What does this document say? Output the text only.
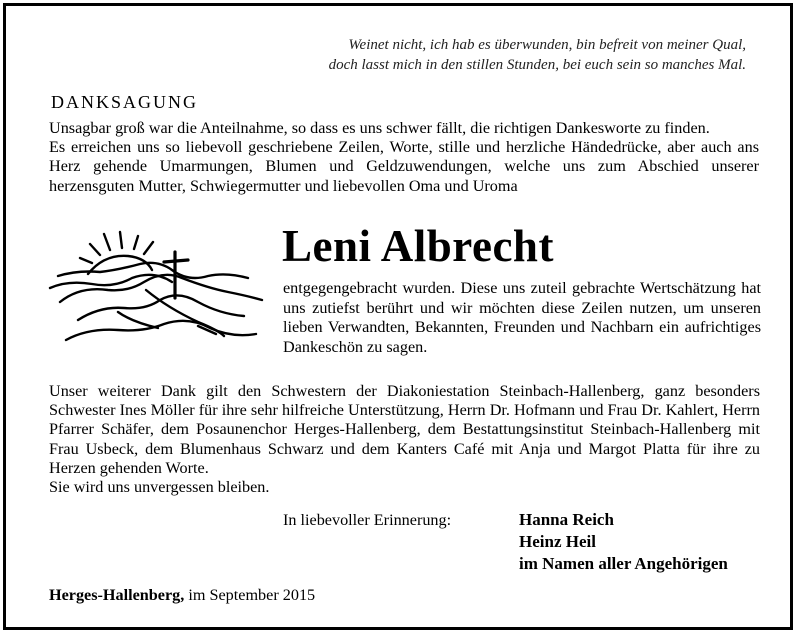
Weinet nicht, ich hab es überwunden, bin befreit von meiner Qual,
doch lasst mich in den stillen Stunden, bei euch sein so manches Mal.
DANKSAGUNG

Unsagbar groß war die Anteilnahme, so dass es uns schwer fällt, die richtigen Dankesworte zu finden.

Es erreichen uns so liebevoll geschriebene Zeilen, Worte, stille und herzliche Händedrücke, aber auch ans Herz gehende Umarmungen, Blumen und Geldzuwendungen, welche uns zum Abschied unserer herzensguten Mutter, Schwiegermutter und liebevollen Oma und Uroma

Leni Albrecht

entgegengebracht wurden. Diese uns zuteil gebrachte Wertschätzung hat uns zutiefst berührt und wir möchten diese Zeilen nutzen, um unseren lieben Verwandten, Bekannten, Freunden und Nachbarn ein aufrichtiges Dankeschön zu sagen.

Unser weiterer Dank gilt den Schwestern der Diakoniestation Steinbach-Hallenberg, ganz besonders Schwester Ines Möller für ihre sehr hilfreiche Unterstützung, Herrn Dr. Hofmann und Frau Dr. Kahlert, Herrn Pfarrer Schäfer, dem Posaunenchor Herges-Hallenberg, dem Bestattungsinstitut Steinbach-Hallenberg mit Frau Usbeck, dem Blumenhaus Schwarz und dem Kanters Café mit Anja und Margot Platta für ihre zu Herzen gehenden Worte.
Sie wird uns unvergessen bleiben.
In liebevoller Erinnerung:	Hanna Reich
Heinz Heil
im Namen aller Angehörigen
Herges-Hallenberg, im September 2015
